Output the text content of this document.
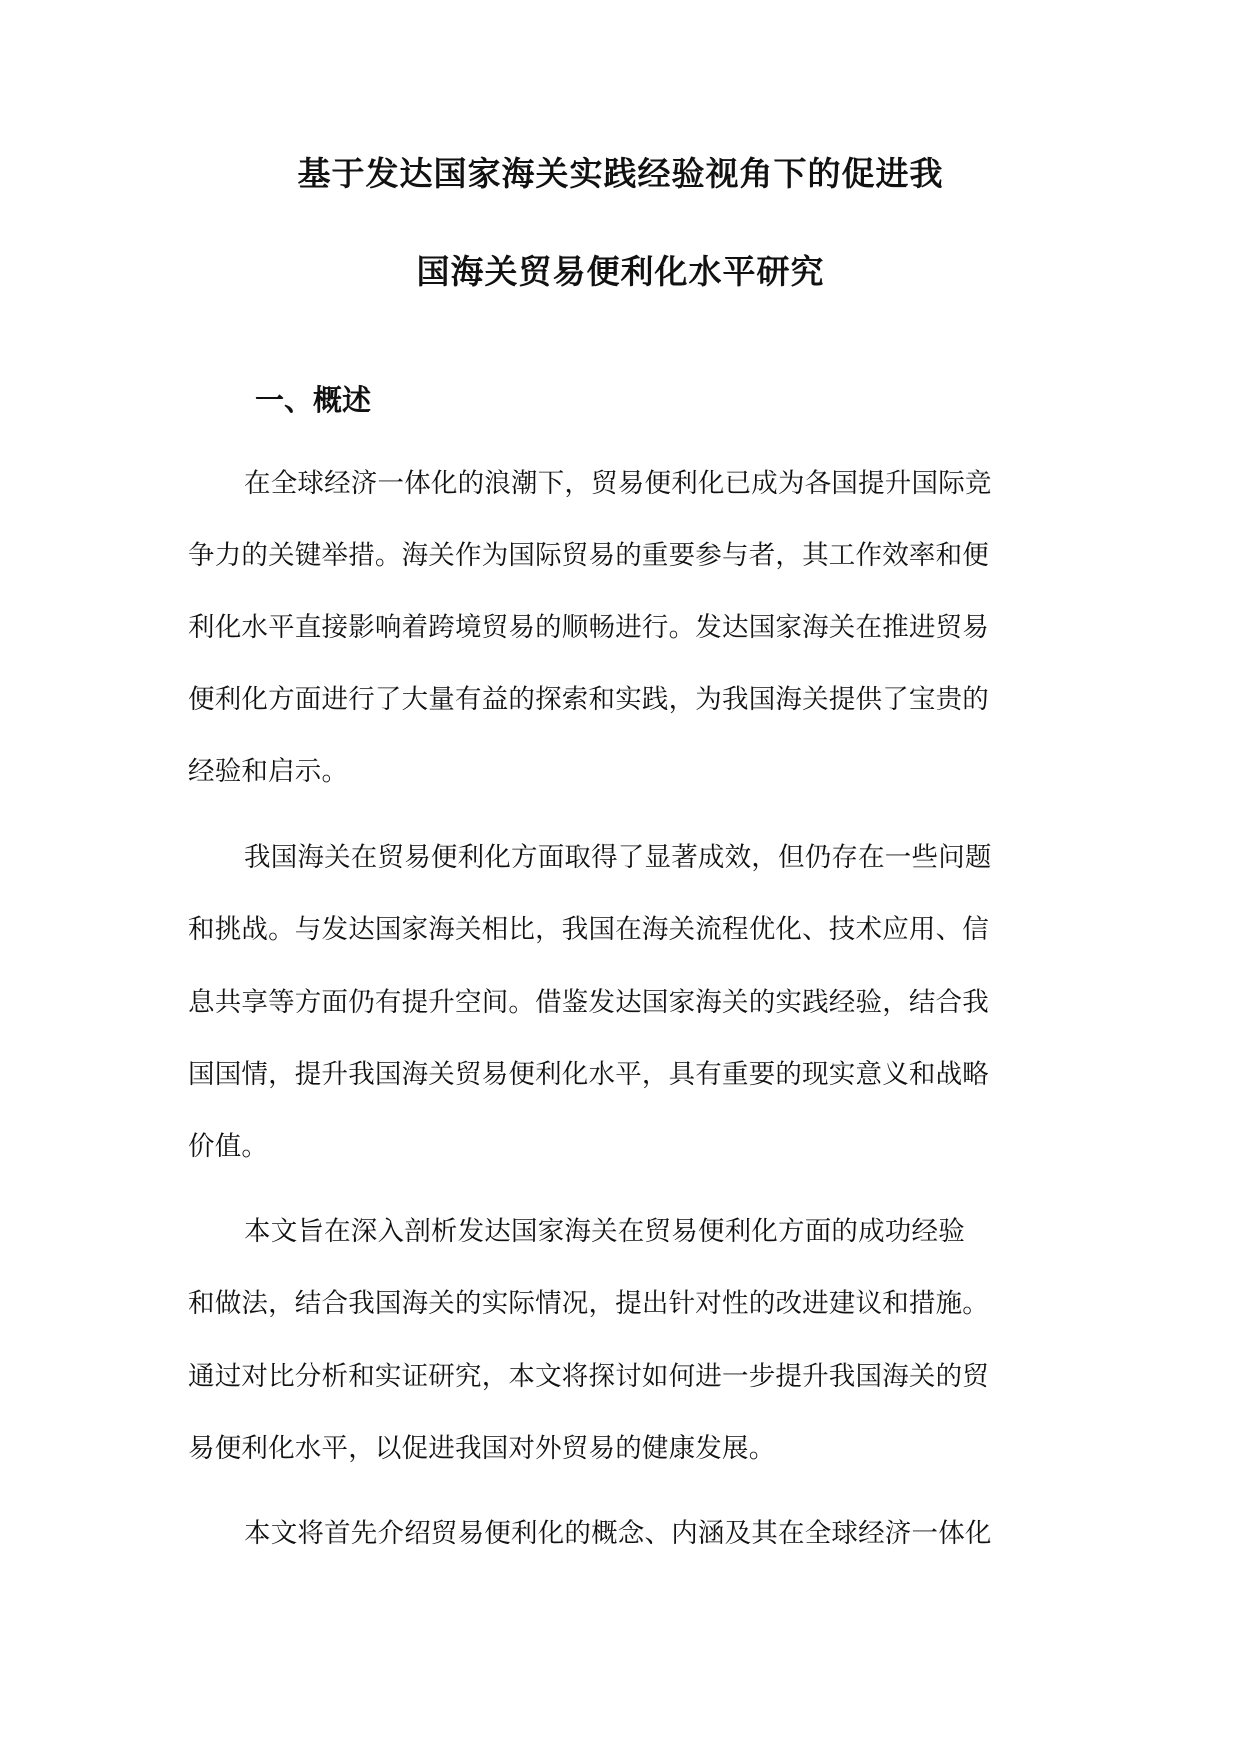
基于发达国家海关实践经验视角下的促进我
国海关贸易便利化水平研究
一、概述
在全球经济一体化的浪潮下，贸易便利化已成为各国提升国际竞
争力的关键举措。海关作为国际贸易的重要参与者，其工作效率和便
利化水平直接影响着跨境贸易的顺畅进行。发达国家海关在推进贸易
便利化方面进行了大量有益的探索和实践，为我国海关提供了宝贵的
经验和启示。
我国海关在贸易便利化方面取得了显著成效，但仍存在一些问题
和挑战。与发达国家海关相比，我国在海关流程优化、技术应用、信
息共享等方面仍有提升空间。借鉴发达国家海关的实践经验，结合我
国国情，提升我国海关贸易便利化水平，具有重要的现实意义和战略
价值。
本文旨在深入剖析发达国家海关在贸易便利化方面的成功经验
和做法，结合我国海关的实际情况，提出针对性的改进建议和措施。
通过对比分析和实证研究，本文将探讨如何进一步提升我国海关的贸
易便利化水平，以促进我国对外贸易的健康发展。
本文将首先介绍贸易便利化的概念、内涵及其在全球经济一体化
